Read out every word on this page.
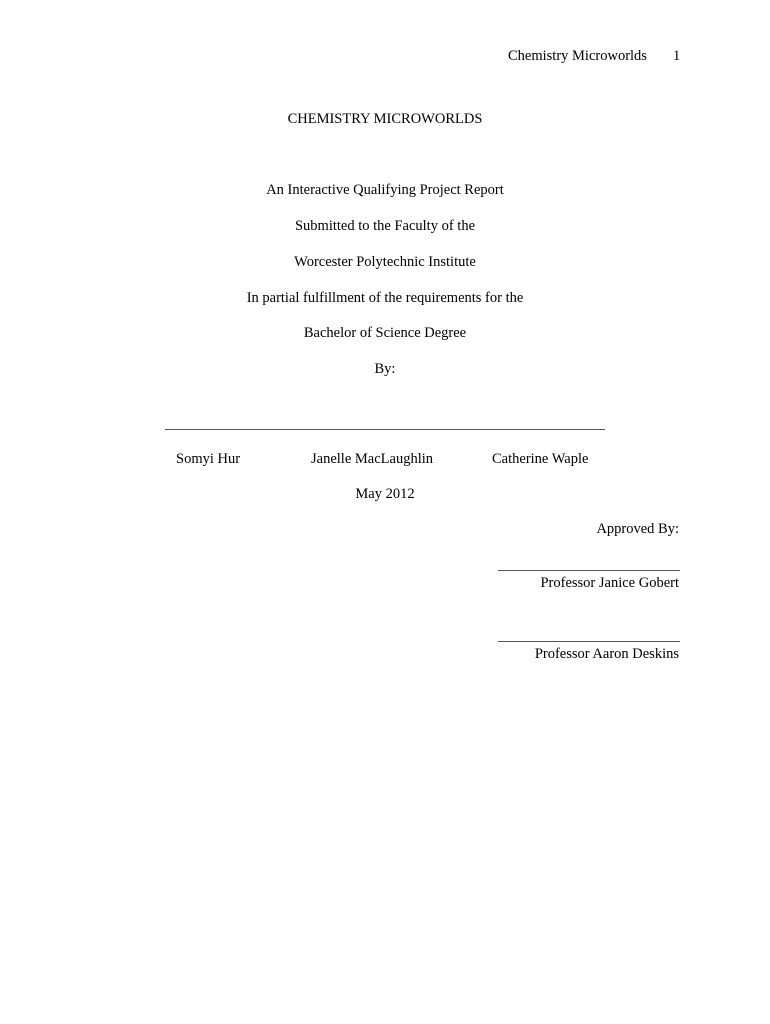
Chemistry Microworlds 1
CHEMISTRY MICROWORLDS
An Interactive Qualifying Project Report
Submitted to the Faculty of the
Worcester Polytechnic Institute
In partial fulfillment of the requirements for the
Bachelor of Science Degree
By:
Somyi Hur	Janelle MacLaughlin	Catherine Waple
May 2012
Approved By:
Professor Janice Gobert
Professor Aaron Deskins
